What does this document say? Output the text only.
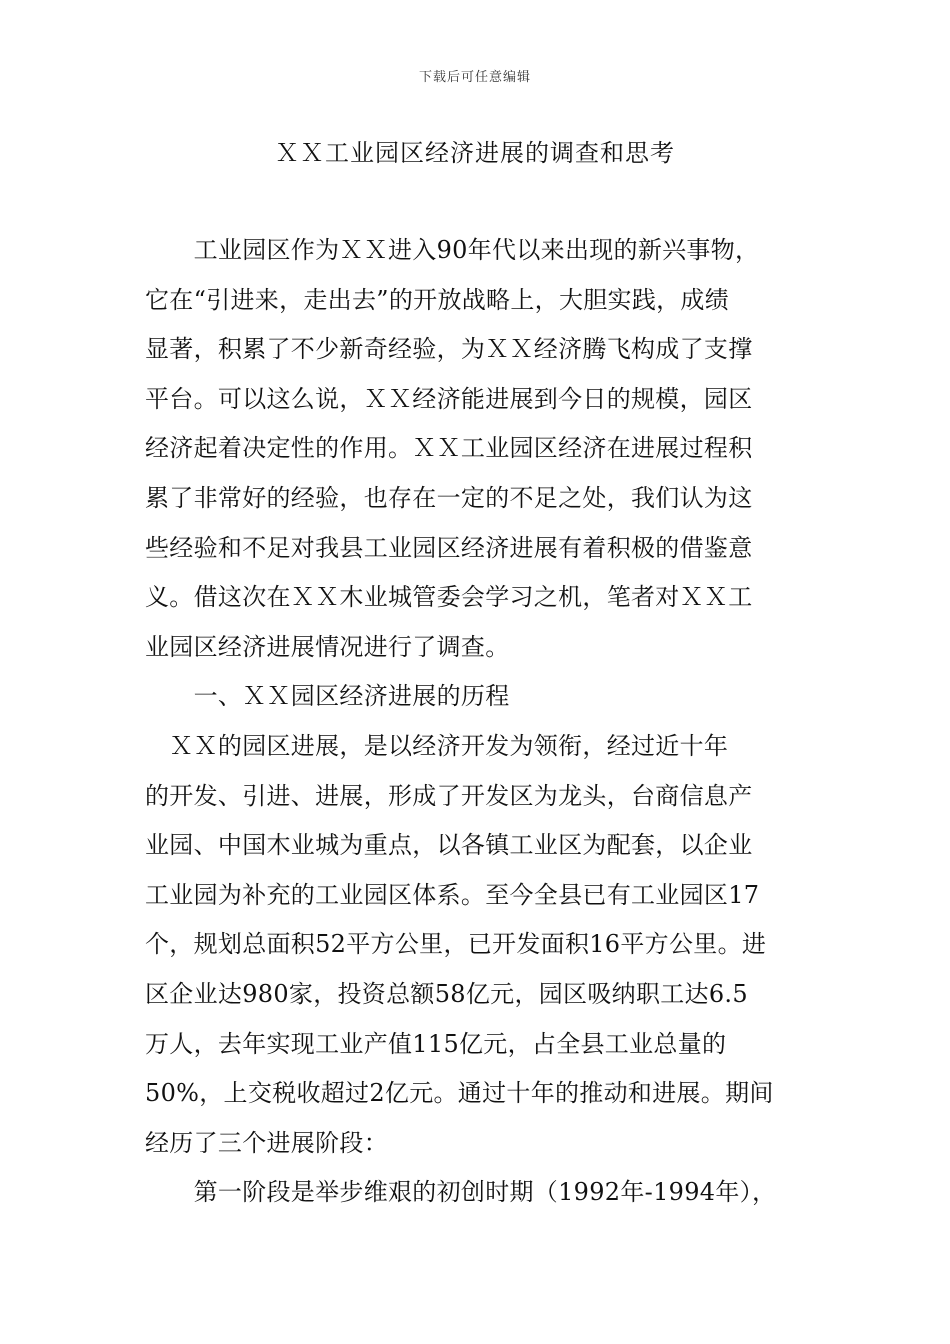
下载后可任意编辑
ＸＸ工业园区经济进展的调查和思考
　　工业园区作为ＸＸ进入90年代以来出现的新兴事物，
它在“引进来，走出去”的开放战略上，大胆实践，成绩
显著，积累了不少新奇经验，为ＸＸ经济腾飞构成了支撑
平台。可以这么说，ＸＸ经济能进展到今日的规模，园区
经济起着决定性的作用。ＸＸ工业园区经济在进展过程积
累了非常好的经验，也存在一定的不足之处，我们认为这
些经验和不足对我县工业园区经济进展有着积极的借鉴意
义。借这次在ＸＸ木业城管委会学习之机，笔者对ＸＸ工
业园区经济进展情况进行了调查。
　　一、ＸＸ园区经济进展的历程
　ＸＸ的园区进展，是以经济开发为领衔，经过近十年
的开发、引进、进展，形成了开发区为龙头，台商信息产
业园、中国木业城为重点，以各镇工业区为配套，以企业
工业园为补充的工业园区体系。至今全县已有工业园区17
个，规划总面积52平方公里，已开发面积16平方公里。进
区企业达980家，投资总额58亿元，园区吸纳职工达6.5
万人，去年实现工业产值115亿元，占全县工业总量的
50%，上交税收超过2亿元。通过十年的推动和进展。期间
经历了三个进展阶段：
　　第一阶段是举步维艰的初创时期（1992年-1994年），
